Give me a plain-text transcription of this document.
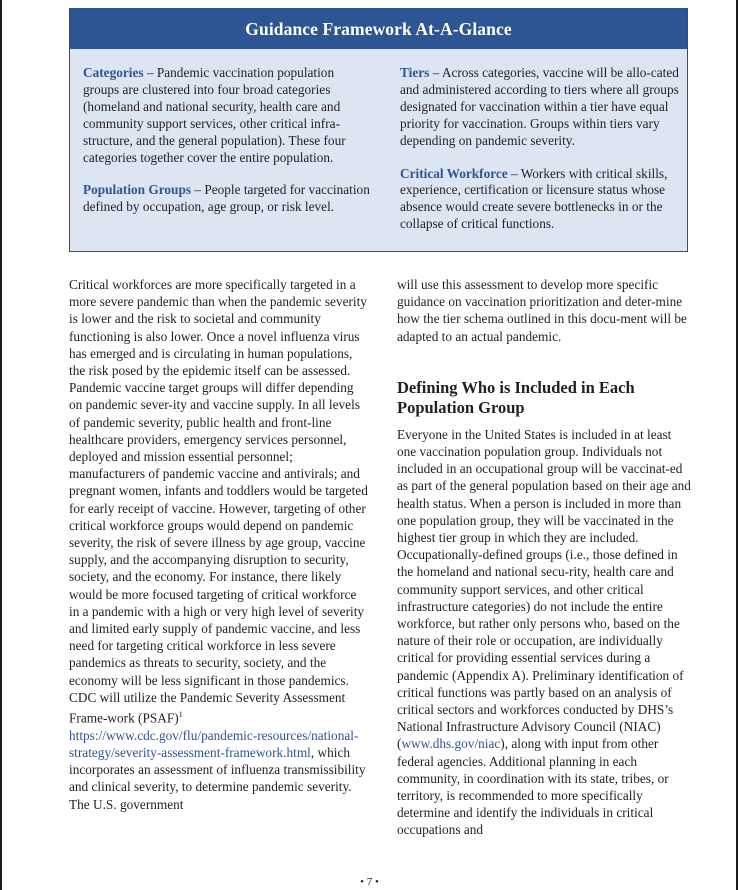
Guidance Framework At-A-Glance

Categories – Pandemic vaccination population groups are clustered into four broad categories (homeland and national security, health care and community support services, other critical infra-structure, and the general population). These four categories together cover the entire population.

Population Groups – People targeted for vaccination defined by occupation, age group, or risk level.

Tiers – Across categories, vaccine will be allo-cated and administered according to tiers where all groups designated for vaccination within a tier have equal priority for vaccination. Groups within tiers vary depending on pandemic severity.

Critical Workforce – Workers with critical skills, experience, certification or licensure status whose absence would create severe bottlenecks in or the collapse of critical functions.

Critical workforces are more specifically targeted in a more severe pandemic than when the pandemic severity is lower and the risk to societal and community functioning is also lower. Once a novel influenza virus has emerged and is circulating in human populations, the risk posed by the epidemic itself can be assessed. Pandemic vaccine target groups will differ depending on pandemic sever-ity and vaccine supply. In all levels of pandemic severity, public health and front-line healthcare providers, emergency services personnel, deployed and mission essential personnel; manufacturers of pandemic vaccine and antivirals; and pregnant women, infants and toddlers would be targeted for early receipt of vaccine. However, targeting of other critical workforce groups would depend on pandemic severity, the risk of severe illness by age group, vaccine supply, and the accompanying disruption to security, society, and the economy. For instance, there likely would be more focused targeting of critical workforce in a pandemic with a high or very high level of severity and limited early supply of pandemic vaccine, and less need for targeting critical workforce in less severe pandemics as threats to security, society, and the economy will be less significant in those pandemics. CDC will utilize the Pandemic Severity Assessment Frame-work (PSAF)$^1$ https://www.cdc.gov/flu/pandemic-resources/national-strategy/severity-assessment-framework.html, which incorporates an assessment of influenza transmissibility and clinical severity, to determine pandemic severity. The U.S. government

will use this assessment to develop more specific guidance on vaccination prioritization and deter-mine how the tier schema outlined in this docu-ment will be adapted to an actual pandemic.

Defining Who is Included in Each Population Group

Everyone in the United States is included in at least one vaccination population group. Individuals not included in an occupational group will be vaccinat-ed as part of the general population based on their age and health status. When a person is included in more than one population group, they will be vaccinated in the highest tier group in which they are included. Occupationally-defined groups (i.e., those defined in the homeland and national secu-rity, health care and community support services, and other critical infrastructure categories) do not include the entire workforce, but rather only persons who, based on the nature of their role or occupation, are individually critical for providing essential services during a pandemic (Appendix A). Preliminary identification of critical functions was partly based on an analysis of critical sectors and workforces conducted by DHS’s National Infrastructure Advisory Council (NIAC) (www.dhs.gov/niac), along with input from other federal agencies. Additional planning in each community, in coordination with its state, tribes, or territory, is recommended to more specifically determine and identify the individuals in critical occupations and

• 7 •
